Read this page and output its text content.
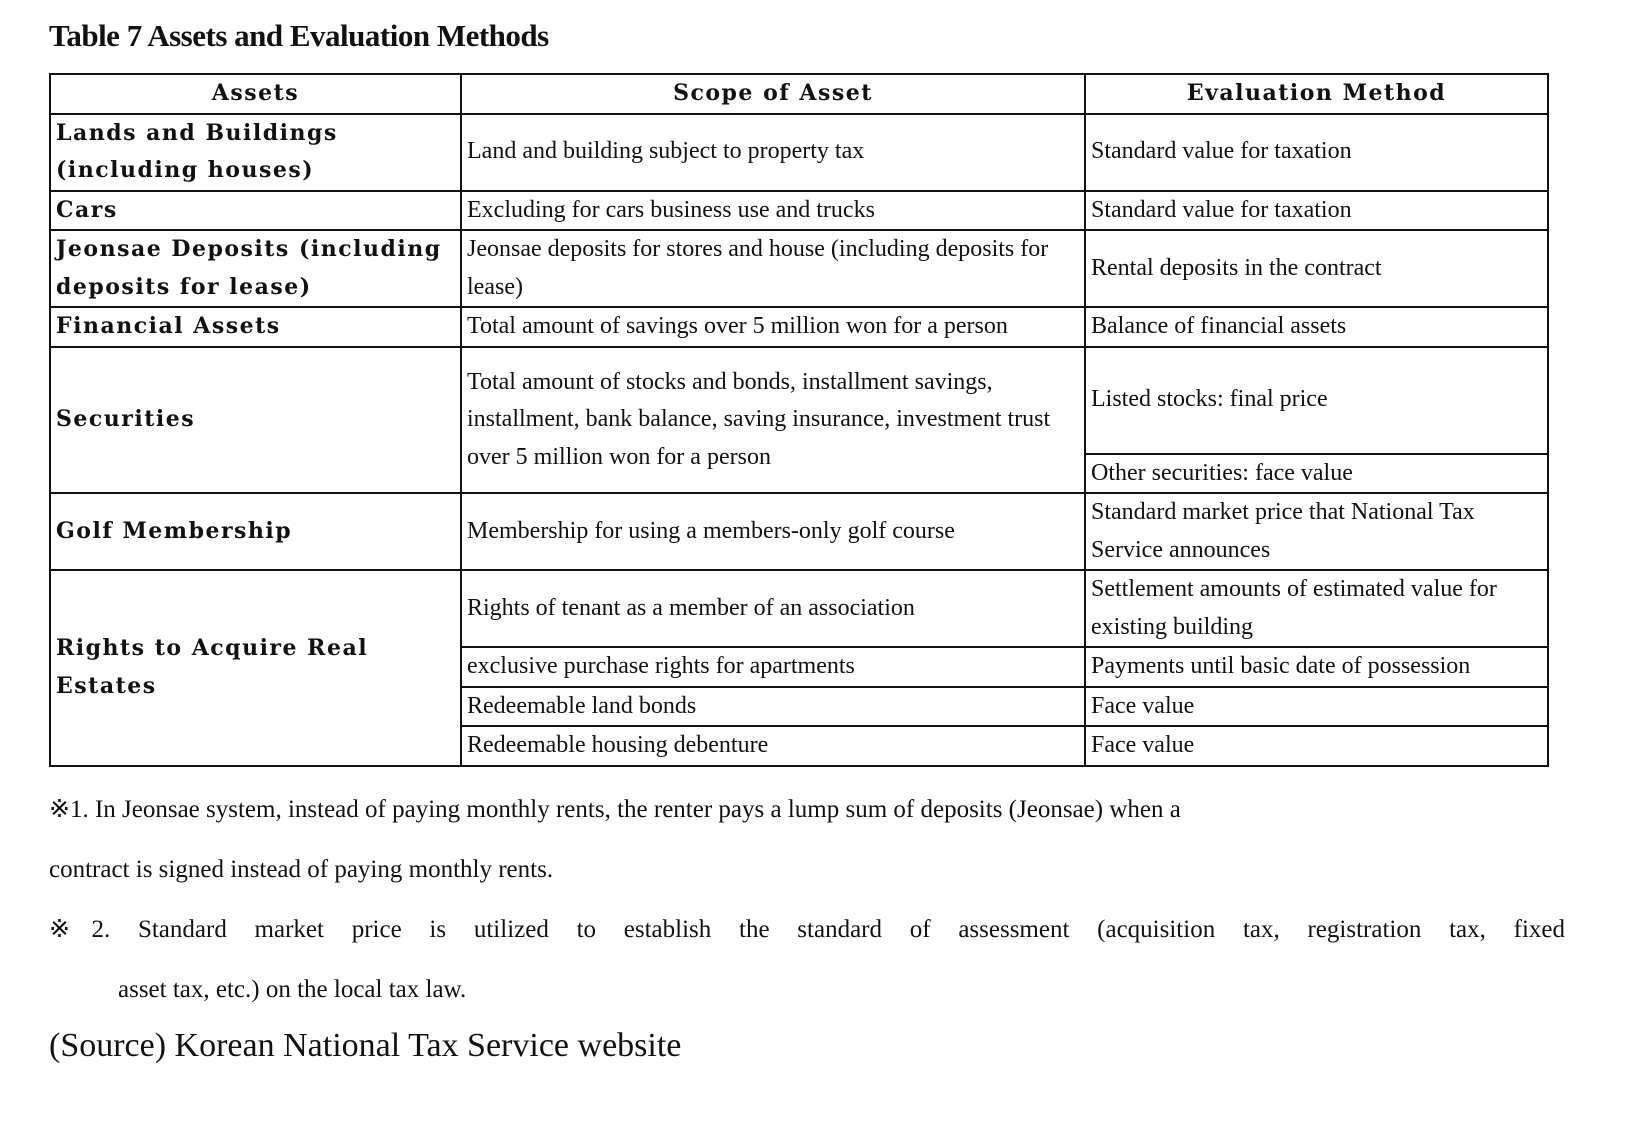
Table 7 Assets and Evaluation Methods
Assets	Scope of Asset	Evaluation Method
Lands and Buildings (including houses)	Land and building subject to property tax	Standard value for taxation
Cars	Excluding for cars business use and trucks	Standard value for taxation
Jeonsae Deposits (including deposits for lease)	Jeonsae deposits for stores and house (including deposits for lease)	Rental deposits in the contract
Financial Assets	Total amount of savings over 5 million won for a person	Balance of financial assets
Securities	Total amount of stocks and bonds, installment savings, installment, bank balance, saving insurance, investment trust over 5 million won for a person	Listed stocks: final price
		Other securities: face value
Golf Membership	Membership for using a members-only golf course	Standard market price that National Tax Service announces
Rights to Acquire Real Estates	Rights of tenant as a member of an association	Settlement amounts of estimated value for existing building
	exclusive purchase rights for apartments	Payments until basic date of possession
	Redeemable land bonds	Face value
	Redeemable housing debenture	Face value

※1. In Jeonsae system, instead of paying monthly rents, the renter pays a lump sum of deposits (Jeonsae) when a

contract is signed instead of paying monthly rents.

※2. Standard market price is utilized to establish the standard of assessment (acquisition tax, registration tax, fixed

asset tax, etc.) on the local tax law.

(Source) Korean National Tax Service website
